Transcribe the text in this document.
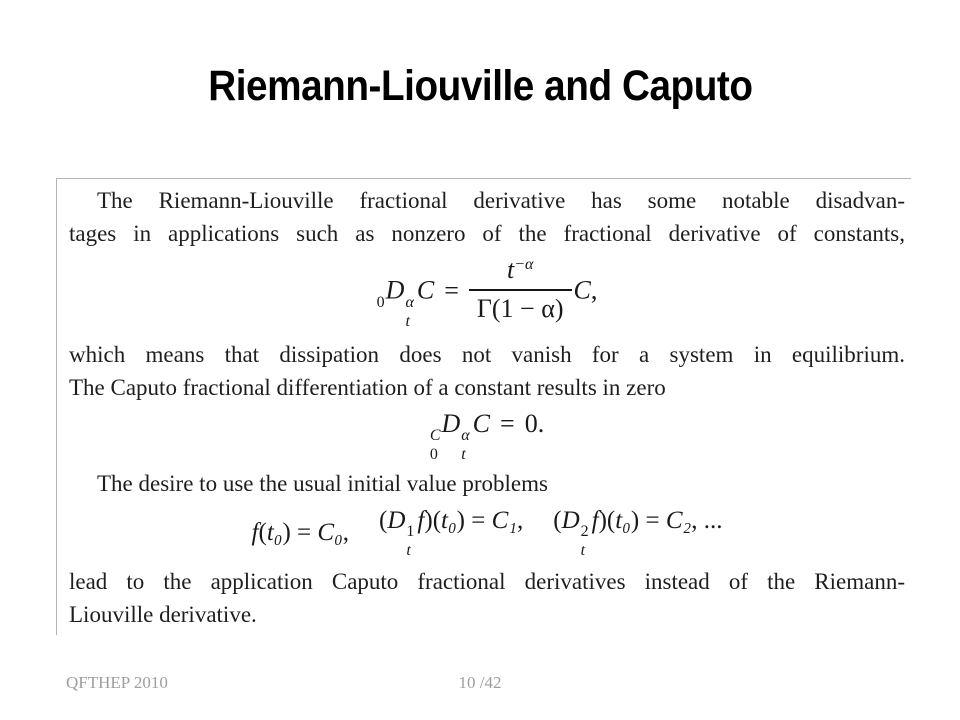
Riemann-Liouville and Caputo
The Riemann-Liouville fractional derivative has some notable disadvan-
tages in applications such as nonzero of the fractional derivative of constants,
$_0$D α
t
$C = \frac{t^{-\alpha}}{\Gamma(1 - \alpha)} C$,
which means that dissipation does not vanish for a system in equilibrium.
The Caputo fractional differentiation of a constant results in zero
C
0
D α
t
C = 0.
The desire to use the usual initial value problems
f(t₀) = C₀, (D 1
t
f)(t₀) = C₁, (D 2
t
f)(t₀) = C₂, ...
lead to the application Caputo fractional derivatives instead of the Riemann-
Liouville derivative.
10 /42
QFTHEP 2010
